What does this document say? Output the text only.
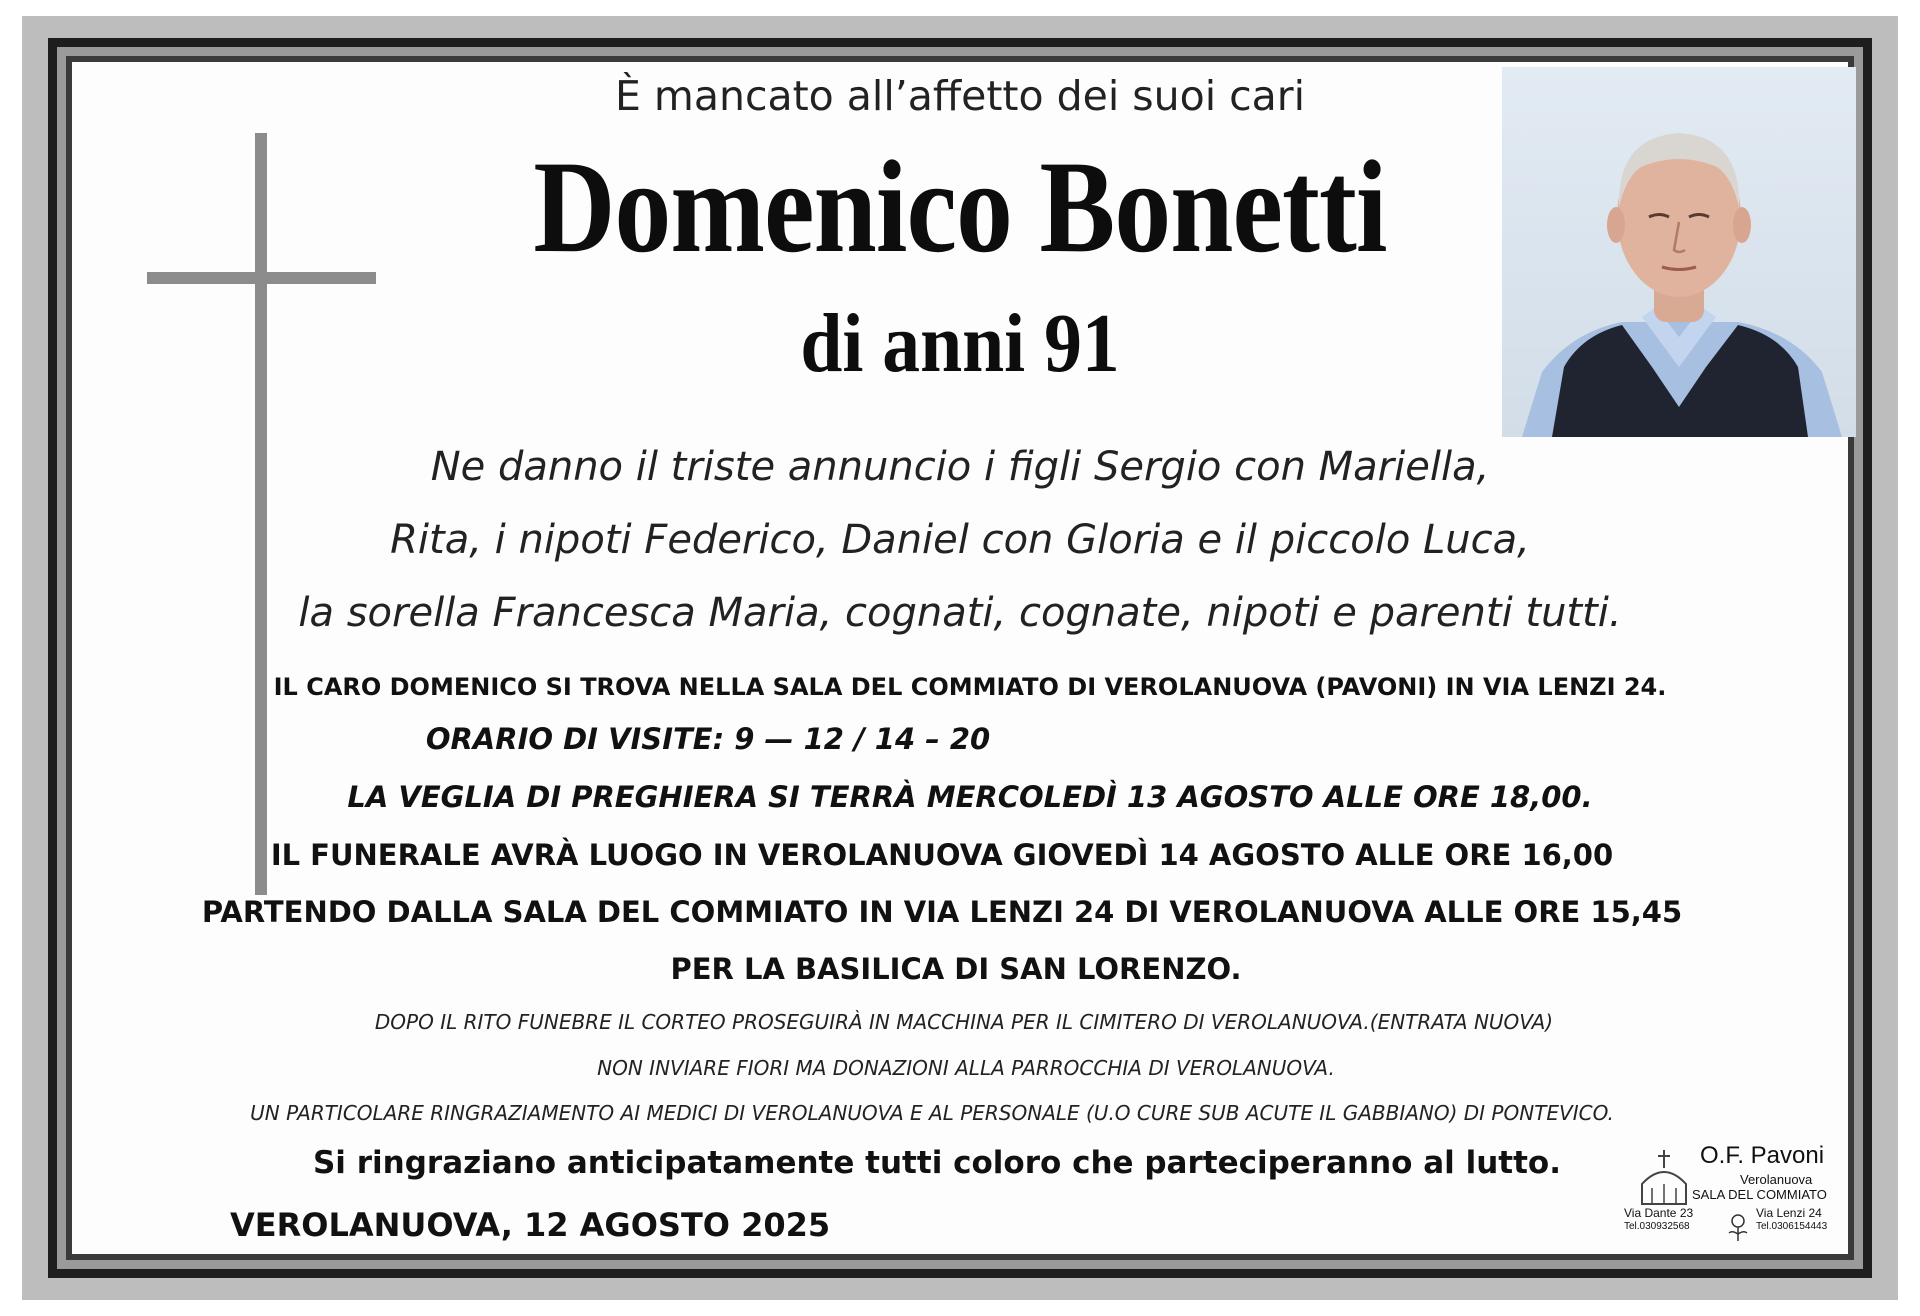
È mancato all’affetto dei suoi cari
Domenico Bonetti
di anni 91
Ne danno il triste annuncio i figli Sergio con Mariella,
Rita, i nipoti Federico, Daniel con Gloria e il piccolo Luca,
la sorella Francesca Maria, cognati, cognate, nipoti e parenti tutti.
IL CARO DOMENICO SI TROVA NELLA SALA DEL COMMIATO DI VEROLANUOVA (PAVONI) IN VIA LENZI 24.
ORARIO DI VISITE: 9 — 12 / 14 – 20
LA VEGLIA DI PREGHIERA SI TERRÀ MERCOLEDÌ 13 AGOSTO ALLE ORE 18,00.
IL FUNERALE AVRÀ LUOGO IN VEROLANUOVA GIOVEDÌ 14 AGOSTO ALLE ORE 16,00
PARTENDO DALLA SALA DEL COMMIATO IN VIA LENZI 24 DI VEROLANUOVA ALLE ORE 15,45
PER LA BASILICA DI SAN LORENZO.
DOPO IL RITO FUNEBRE IL CORTEO PROSEGUIRÀ IN MACCHINA PER IL CIMITERO DI VEROLANUOVA.(ENTRATA NUOVA)
NON INVIARE FIORI MA DONAZIONI ALLA PARROCCHIA DI VEROLANUOVA.
UN PARTICOLARE RINGRAZIAMENTO AI MEDICI DI VEROLANUOVA E AL PERSONALE (U.O CURE SUB ACUTE IL GABBIANO) DI PONTEVICO.
Si ringraziano anticipatamente tutti coloro che parteciperanno al lutto.
VEROLANUOVA, 12 AGOSTO 2025
O.F. Pavoni
Verolanuova
SALA DEL COMMIATO
Via Dante 23	Via Lenzi 24
Tel.030932568	Tel.0306154443
